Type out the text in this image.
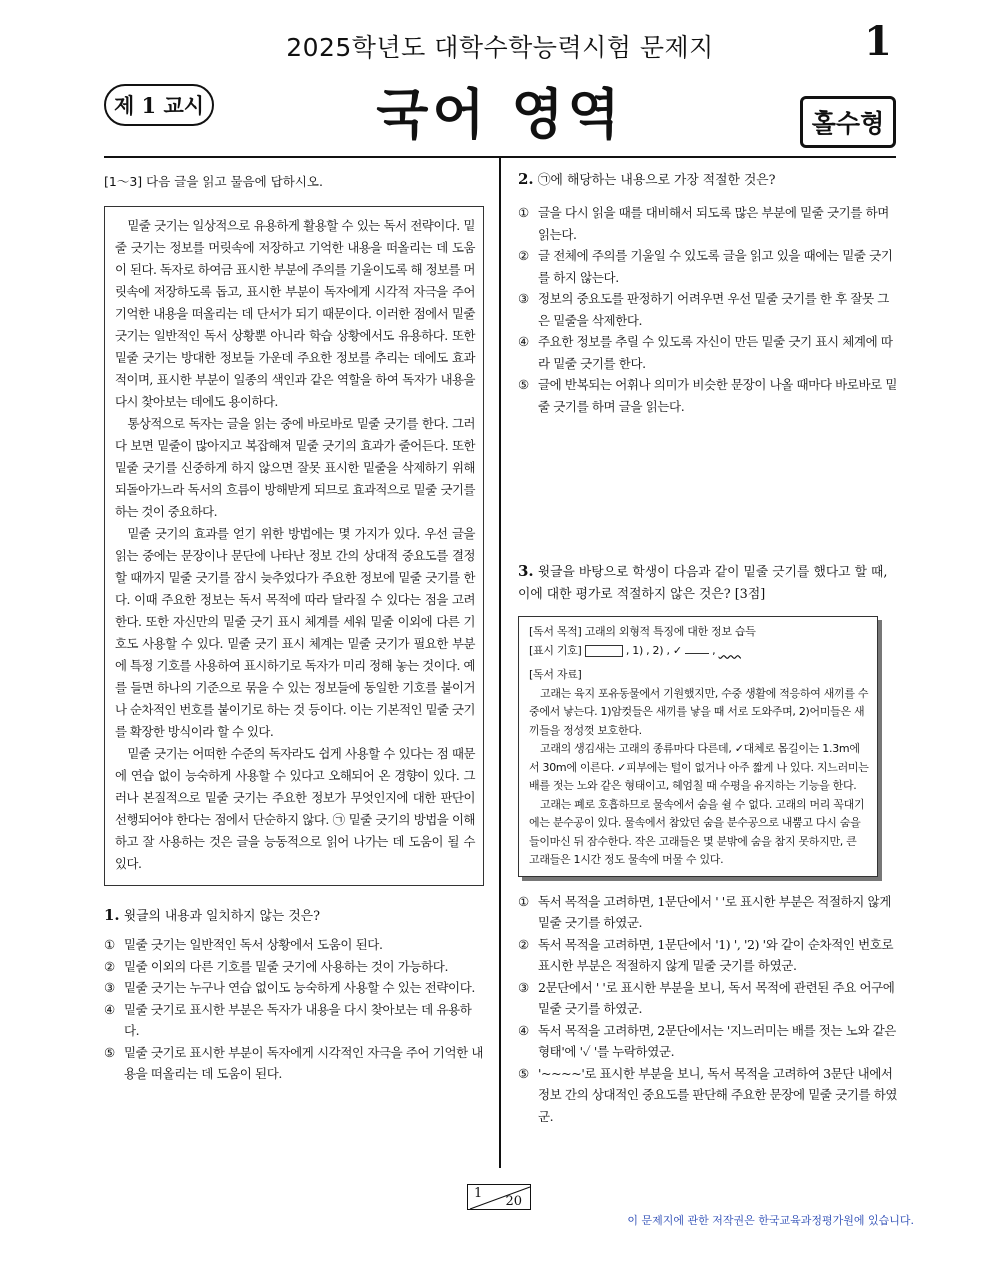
2025학년도 대학수학능력시험 문제지	1
제 1 교시	국어 영역	홀수형
[1～3] 다음 글을 읽고 물음에 답하시오.

밑줄 긋기는 일상적으로 유용하게 활용할 수 있는 독서 전략이다. 밑줄 긋기는 정보를 머릿속에 저장하고 기억한 내용을 떠올리는 데 도움이 된다. 독자로 하여금 표시한 부분에 주의를 기울이도록 해 정보를 머릿속에 저장하도록 돕고, 표시한 부분이 독자에게 시각적 자극을 주어 기억한 내용을 떠올리는 데 단서가 되기 때문이다. 이러한 점에서 밑줄 긋기는 일반적인 독서 상황뿐 아니라 학습 상황에서도 유용하다. 또한 밑줄 긋기는 방대한 정보들 가운데 주요한 정보를 추리는 데에도 효과적이며, 표시한 부분이 일종의 색인과 같은 역할을 하여 독자가 내용을 다시 찾아보는 데에도 용이하다.

통상적으로 독자는 글을 읽는 중에 바로바로 밑줄 긋기를 한다. 그러다 보면 밑줄이 많아지고 복잡해져 밑줄 긋기의 효과가 줄어든다. 또한 밑줄 긋기를 신중하게 하지 않으면 잘못 표시한 밑줄을 삭제하기 위해 되돌아가느라 독서의 흐름이 방해받게 되므로 효과적으로 밑줄 긋기를 하는 것이 중요하다.

밑줄 긋기의 효과를 얻기 위한 방법에는 몇 가지가 있다. 우선 글을 읽는 중에는 문장이나 문단에 나타난 정보 간의 상대적 중요도를 결정할 때까지 밑줄 긋기를 잠시 늦추었다가 주요한 정보에 밑줄 긋기를 한다. 이때 주요한 정보는 독서 목적에 따라 달라질 수 있다는 점을 고려한다. 또한 자신만의 밑줄 긋기 표시 체계를 세워 밑줄 이외에 다른 기호도 사용할 수 있다. 밑줄 긋기 표시 체계는 밑줄 긋기가 필요한 부분에 특정 기호를 사용하여 표시하기로 독자가 미리 정해 놓는 것이다. 예를 들면 하나의 기준으로 묶을 수 있는 정보들에 동일한 기호를 붙이거나 순차적인 번호를 붙이기로 하는 것 등이다. 이는 기본적인 밑줄 긋기를 확장한 방식이라 할 수 있다.

밑줄 긋기는 어떠한 수준의 독자라도 쉽게 사용할 수 있다는 점 때문에 연습 없이 능숙하게 사용할 수 있다고 오해되어 온 경향이 있다. 그러나 본질적으로 밑줄 긋기는 주요한 정보가 무엇인지에 대한 판단이 선행되어야 한다는 점에서 단순하지 않다. ㉠ 밑줄 긋기의 방법을 이해하고 잘 사용하는 것은 글을 능동적으로 읽어 나가는 데 도움이 될 수 있다.

1. 윗글의 내용과 일치하지 않는 것은?
① 밑줄 긋기는 일반적인 독서 상황에서 도움이 된다.
② 밑줄 이외의 다른 기호를 밑줄 긋기에 사용하는 것이 가능하다.
③ 밑줄 긋기는 누구나 연습 없이도 능숙하게 사용할 수 있는 전략이다.
④ 밑줄 긋기로 표시한 부분은 독자가 내용을 다시 찾아보는 데 유용하다.
⑤ 밑줄 긋기로 표시한 부분이 독자에게 시각적인 자극을 주어 기억한 내용을 떠올리는 데 도움이 된다.
2. ㉠에 해당하는 내용으로 가장 적절한 것은?
① 글을 다시 읽을 때를 대비해서 되도록 많은 부분에 밑줄 긋기를 하며 읽는다.
② 글 전체에 주의를 기울일 수 있도록 글을 읽고 있을 때에는 밑줄 긋기를 하지 않는다.
③ 정보의 중요도를 판정하기 어려우면 우선 밑줄 긋기를 한 후 잘못 그은 밑줄을 삭제한다.
④ 주요한 정보를 추릴 수 있도록 자신이 만든 밑줄 긋기 표시 체계에 따라 밑줄 긋기를 한다.
⑤ 글에 반복되는 어휘나 의미가 비슷한 문장이 나올 때마다 바로바로 밑줄 긋기를 하며 글을 읽는다.
3. 윗글을 바탕으로 학생이 다음과 같이 밑줄 긋기를 했다고 할 때, 이에 대한 평가로 적절하지 않은 것은? [3점]
[독서 목적] 고래의 외형적 특징에 대한 정보 습득
[표시 기호]	, 1) , 2) , ✓  ,
[독서 자료]
고래는 육지 포유동물에서 기원했지만, 수중 생활에 적응하여 새끼를 수중에서 낳는다. 1)암컷들은 새끼를 낳을 때 서로 도와주며, 2)어미들은 새끼들을 정성껏 보호한다.
고래의 생김새는 고래의 종류마다 다른데, ✓대체로 몸길이는 1.3m에서 30m에 이른다. ✓피부에는 털이 없거나 아주 짧게 나 있다. 지느러미는 배를 젓는 노와 같은 형태이고, 헤엄칠 때 수평을 유지하는 기능을 한다.
고래는 폐로 호흡하므로 물속에서 숨을 쉴 수 없다. 고래의 머리 꼭대기에는 분수공이 있다. 물속에서 참았던 숨을 분수공으로 내뿜고 다시 숨을 들이마신 뒤 잠수한다. 작은 고래들은 몇 분밖에 숨을 참지 못하지만, 큰 고래들은 1시간 정도 물속에 머물 수 있다.
① 독서 목적을 고려하면, 1문단에서 ' '로 표시한 부분은 적절하지 않게 밑줄 긋기를 하였군.
② 독서 목적을 고려하면, 1문단에서 '1) ', '2) '와 같이 순차적인 번호로 표시한 부분은 적절하지 않게 밑줄 긋기를 하였군.
③ 2문단에서 ' '로 표시한 부분을 보니, 독서 목적에 관련된 주요 어구에 밑줄 긋기를 하였군.
④ 독서 목적을 고려하면, 2문단에서는 '지느러미는 배를 젓는 노와 같은 형태'에 '✓ '를 누락하였군.
⑤ '~~~~'로 표시한 부분을 보니, 독서 목적을 고려하여 3문단 내에서 정보 간의 상대적인 중요도를 판단해 주요한 문장에 밑줄 긋기를 하였군.
1
20
이 문제지에 관한 저작권은 한국교육과정평가원에 있습니다.
